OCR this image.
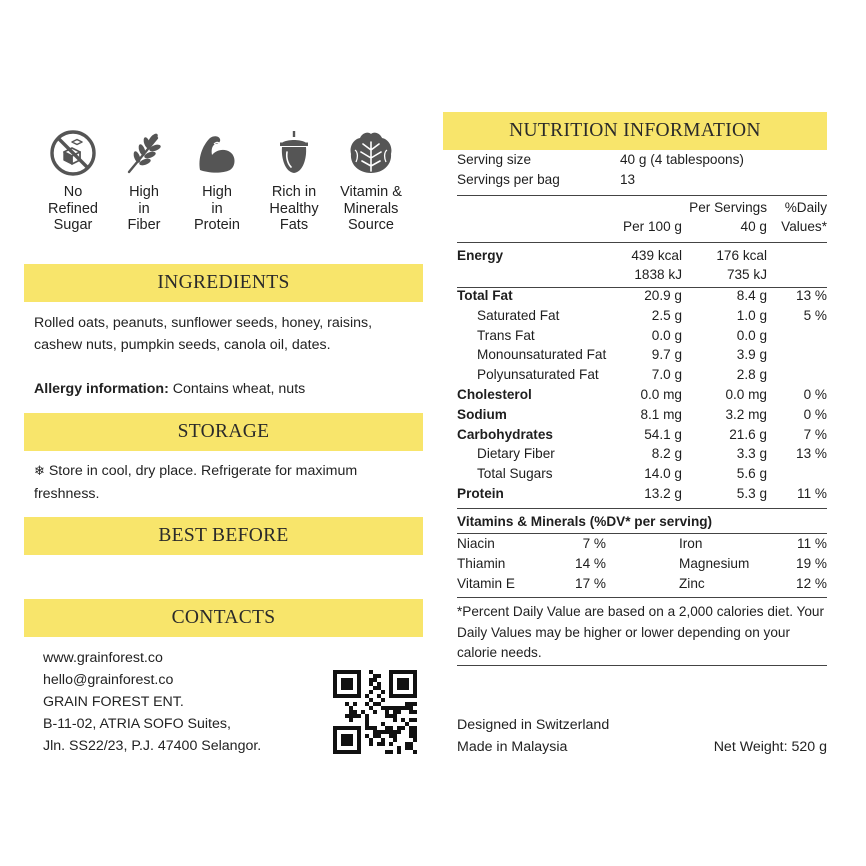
No
Refined
Sugar
High
in
Fiber
High
in
Protein
Rich in
Healthy
Fats
Vitamin &
Minerals
Source
INGREDIENTS
Rolled oats, peanuts, sunflower seeds, honey, raisins, cashew nuts, pumpkin seeds, canola oil, dates.
Allergy information: Contains wheat, nuts
STORAGE
❄ Store in cool, dry place. Refrigerate for maximum freshness.
BEST BEFORE
CONTACTS
www.grainforest.co
hello@grainforest.co
GRAIN FOREST ENT.
B-11-02, ATRIA SOFO Suites,
Jln. SS22/23, P.J. 47400 Selangor.
NUTRITION INFORMATION
Serving size	40 g (4 tablespoons)
Servings per bag	13
Per Servings %Daily
Per 100 g	40 g Values*
Energy	439 kcal	176 kcal
1838 kJ	735 kJ
Total Fat	20.9 g	8.4 g 13 %
Saturated Fat	2.5 g	1.0 g	5 %
Trans Fat	0.0 g	0.0 g
Monounsaturated Fat	9.7 g	3.9 g
Polyunsaturated Fat	7.0 g	2.8 g
Cholesterol	0.0 mg	0.0 mg	0 %
Sodium	8.1 mg	3.2 mg	0 %
Carbohydrates	54.1 g	21.6 g	7 %
Dietary Fiber	8.2 g	3.3 g 13 %
Total Sugars	14.0 g	5.6 g
Protein	13.2 g	5.3 g 11 %
Vitamins & Minerals (%DV* per serving)
Niacin	7 %	Iron	11 %
Thiamin	14 %	Magnesium	19 %
Vitamin E	17 %	Zinc	12 %
*Percent Daily Value are based on a 2,000 calories diet. Your Daily Values may be higher or lower depending on your calorie needs.
Designed in Switzerland
Made in Malaysia	Net Weight: 520 g
